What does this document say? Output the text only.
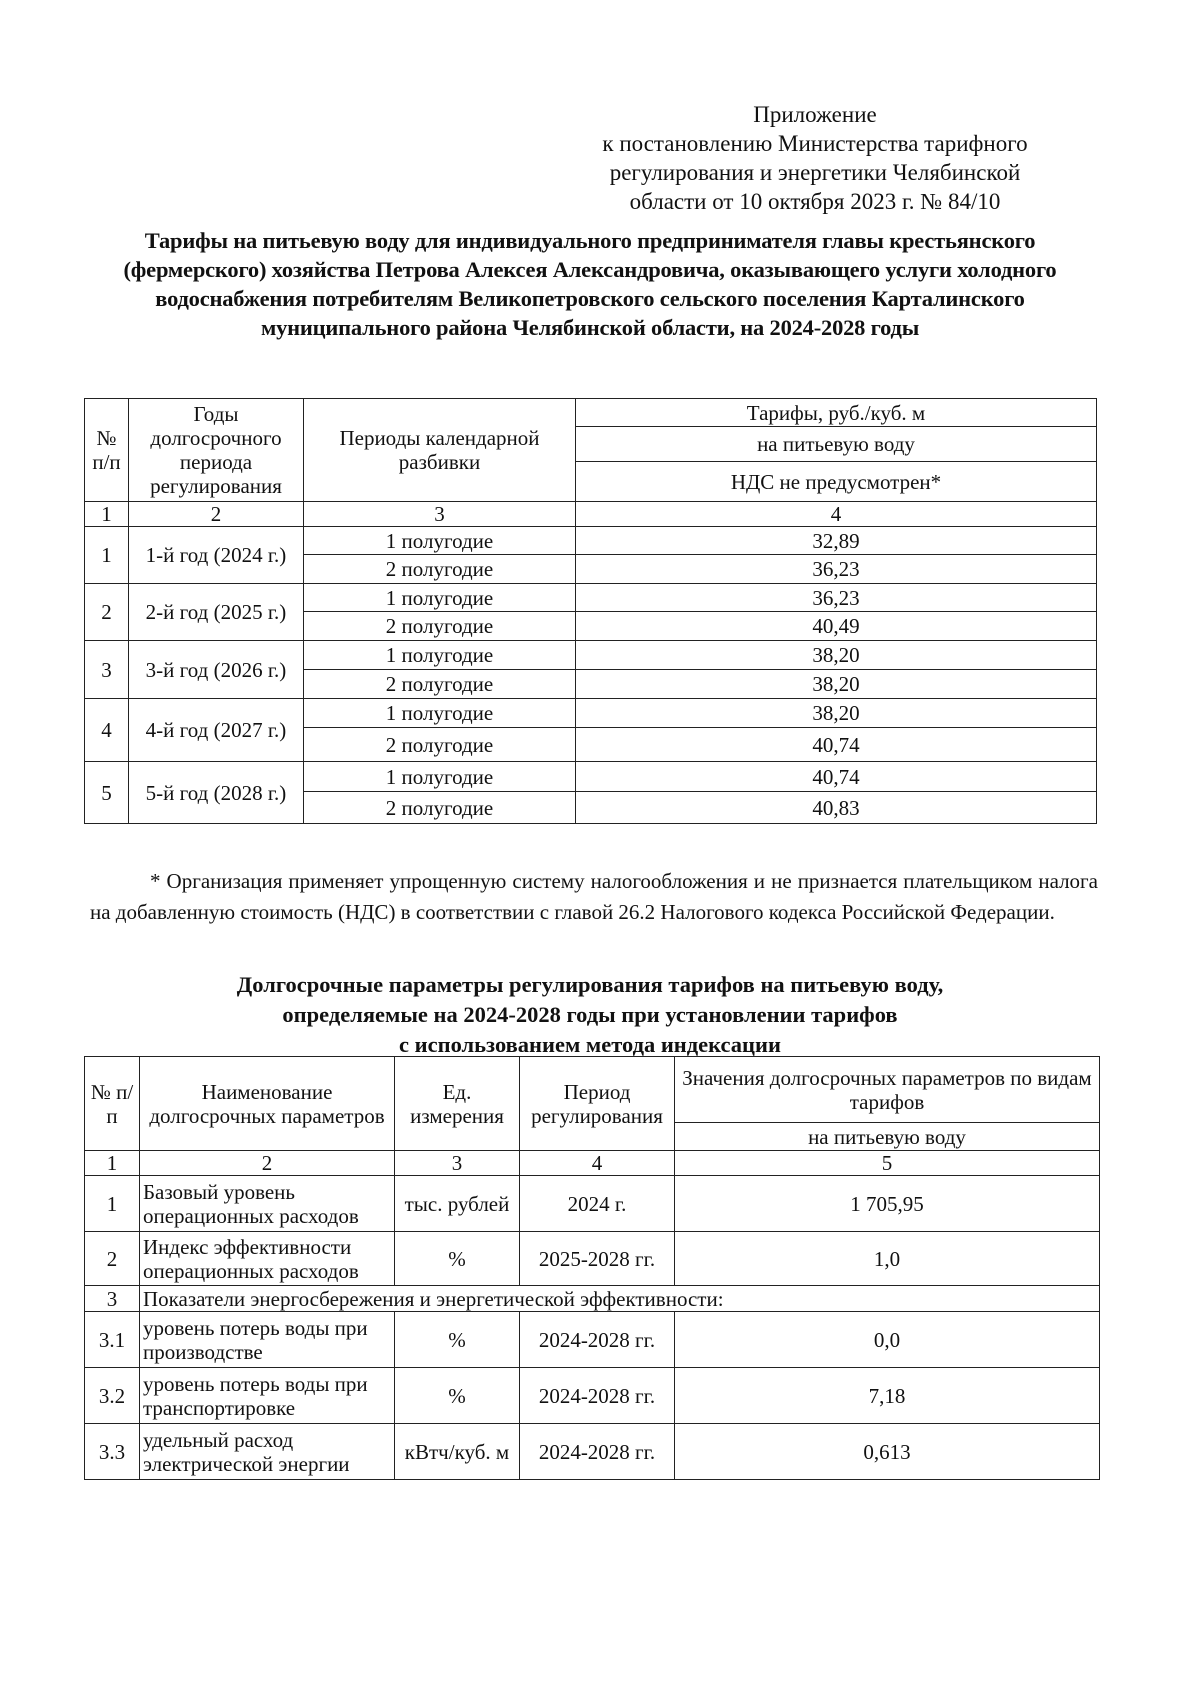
Приложение
к постановлению Министерства тарифного
регулирования и энергетики Челябинской
области от 10 октября 2023 г. № 84/10
Тарифы на питьевую воду для индивидуального предпринимателя главы крестьянского (фермерского) хозяйства Петрова Алексея Александровича, оказывающего услуги холодного водоснабжения потребителям Великопетровского сельского поселения Карталинского муниципального района Челябинской области, на 2024-2028 годы
№ п/п	Годы долгосрочного периода регулирования	Периоды календарной разбивки	Тарифы, руб./куб. м
			на питьевую воду
			НДС не предусмотрен*
1	2	3	4
1	1-й год (2024 г.)	1 полугодие	32,89
		2 полугодие	36,23
2	2-й год (2025 г.)	1 полугодие	36,23
		2 полугодие	40,49
3	3-й год (2026 г.)	1 полугодие	38,20
		2 полугодие	38,20
4	4-й год (2027 г.)	1 полугодие	38,20
		2 полугодие	40,74
5	5-й год (2028 г.)	1 полугодие	40,74
		2 полугодие	40,83
* Организация применяет упрощенную систему налогообложения и не признается плательщиком налога на добавленную стоимость (НДС) в соответствии с главой 26.2 Налогового кодекса Российской Федерации.
Долгосрочные параметры регулирования тарифов на питьевую воду,
определяемые на 2024-2028 годы при установлении тарифов
с использованием метода индексации
№ п/п	Наименование долгосрочных параметров	Ед. измерения	Период регулирования	Значения долгосрочных параметров по видам тарифов
				на питьевую воду
1	2	3	4	5
1	Базовый уровень операционных расходов	тыс. рублей	2024 г.	1 705,95
2	Индекс эффективности операционных расходов	%	2025-2028 гг.	1,0
3	Показатели энергосбережения и энергетической эффективности:			
3.1	уровень потерь воды при производстве	%	2024-2028 гг.	0,0
3.2	уровень потерь воды при транспортировке	%	2024-2028 гг.	7,18
3.3	удельный расход электрической энергии	кВтч/куб. м	2024-2028 гг.	0,613
